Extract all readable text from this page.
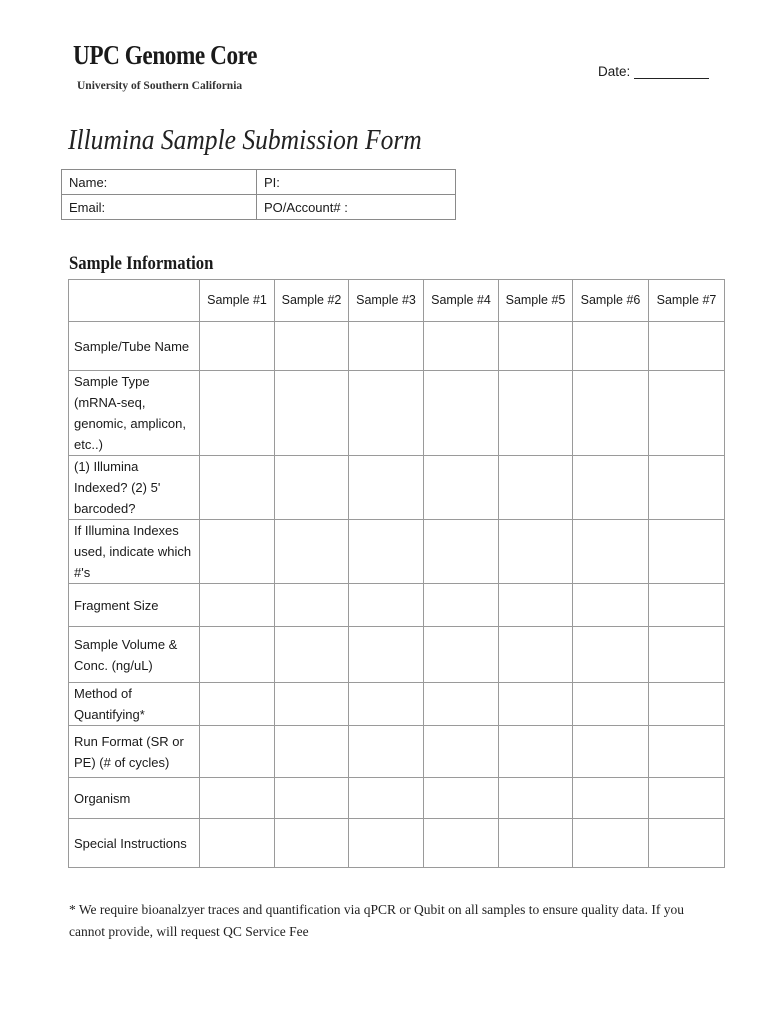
UPC Genome Core
University of Southern California
Date:
Illumina Sample Submission Form
Name:	PI:
Email:	PO/Account# :
Sample Information
	Sample #1	Sample #2	Sample #3	Sample #4	Sample #5	Sample #6	Sample #7
Sample/Tube Name							
Sample Type (mRNA-seq, genomic, amplicon, etc..)							
(1) Illumina Indexed? (2) 5' barcoded?							
If Illumina Indexes used, indicate which #'s							
Fragment Size							
Sample Volume & Conc. (ng/uL)							
Method of Quantifying*							
Run Format (SR or PE) (# of cycles)							
Organism							
Special Instructions							
* We require bioanalzyer traces and quantification via qPCR or Qubit on all samples to ensure quality data. If you cannot provide, will request QC Service Fee
